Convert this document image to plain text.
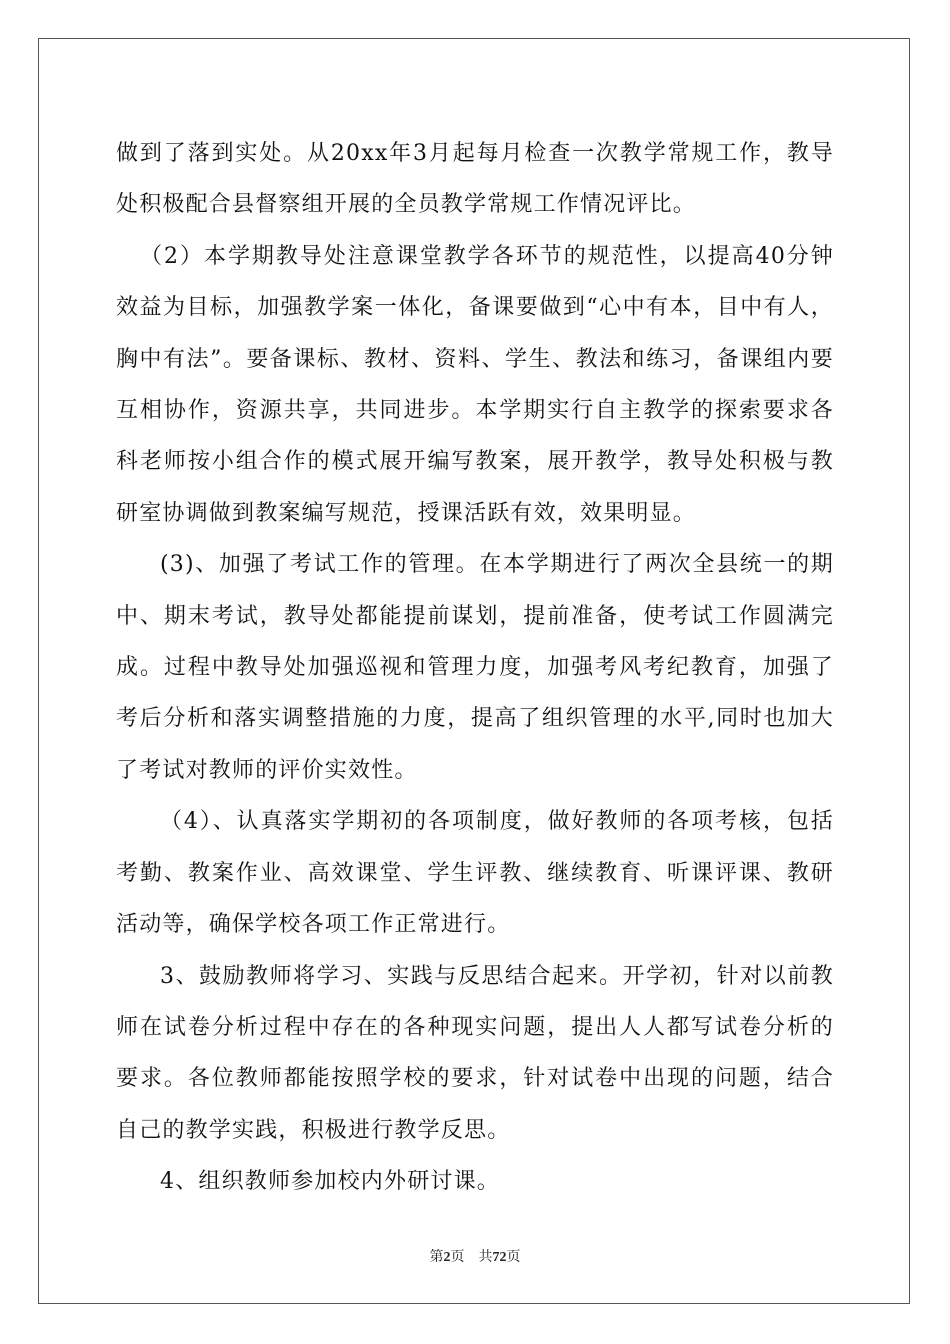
做到了落到实处。从20xx年3月起每月检查一次教学常规工作，教导处积极配合县督察组开展的全员教学常规工作情况评比。

（2）本学期教导处注意课堂教学各环节的规范性，以提高40分钟效益为目标，加强教学案一体化，备课要做到“心中有本，目中有人，胸中有法”。要备课标、教材、资料、学生、教法和练习，备课组内要互相协作，资源共享，共同进步。本学期实行自主教学的探索要求各科老师按小组合作的模式展开编写教案，展开教学，教导处积极与教研室协调做到教案编写规范，授课活跃有效，效果明显。

(3)、加强了考试工作的管理。在本学期进行了两次全县统一的期中、期末考试，教导处都能提前谋划，提前准备，使考试工作圆满完成。过程中教导处加强巡视和管理力度，加强考风考纪教育，加强了考后分析和落实调整措施的力度，提高了组织管理的水平,同时也加大了考试对教师的评价实效性。

（4）、认真落实学期初的各项制度，做好教师的各项考核，包括考勤、教案作业、高效课堂、学生评教、继续教育、听课评课、教研活动等，确保学校各项工作正常进行。

3、鼓励教师将学习、实践与反思结合起来。开学初，针对以前教师在试卷分析过程中存在的各种现实问题，提出人人都写试卷分析的要求。各位教师都能按照学校的要求，针对试卷中出现的问题，结合自己的教学实践，积极进行教学反思。

4、组织教师参加校内外研讨课。

第2页 共72页
